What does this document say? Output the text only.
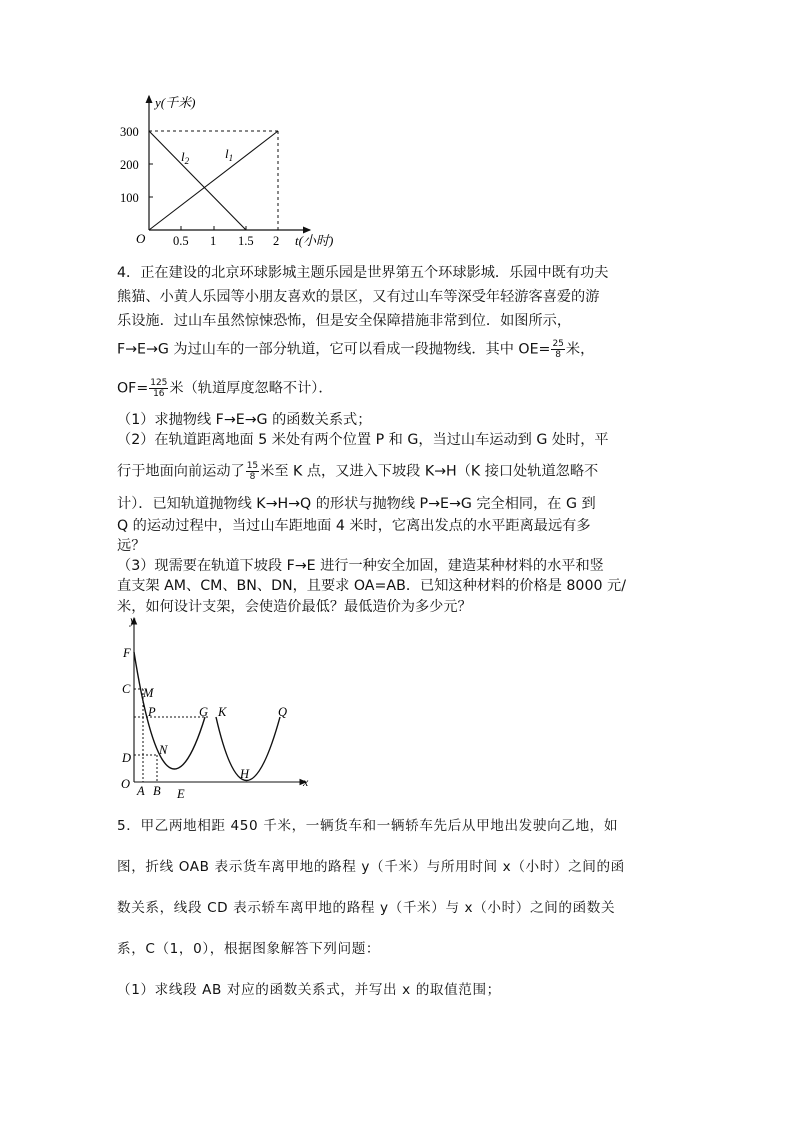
y(千米)
300
200
100
O 0.5 1 1.5 2 t(小时)
$l_2$	$l_1$
4．正在建设的北京环球影城主题乐园是世界第五个环球影城．乐园中既有功夫
熊猫、小黄人乐园等小朋友喜欢的景区，又有过山车等深受年轻游客喜爱的游
乐设施．过山车虽然惊悚恐怖，但是安全保障措施非常到位．如图所示，
F→E→G 为过山车的一部分轨道，它可以看成一段抛物线．其中 $OE= \frac{25}{8}$ 米，
$OF= \frac{125}{16}$ 米（轨道厚度忽略不计）．
（1）求抛物线 F→E→G 的函数关系式；
（2）在轨道距离地面 5 米处有两个位置 P 和 G，当过山车运动到 G 处时，平
行于地面向前运动了 $\frac{15}{8}$ 米至 K 点，又进入下坡段 K→H（K 接口处轨道忽略不
计）．已知轨道抛物线 K→H→Q 的形状与抛物线 P→E→G 完全相同，在 G 到
Q 的运动过程中，当过山车距地面 4 米时，它离出发点的水平距离最远有多
远？
（3）现需要在轨道下坡段 F→E 进行一种安全加固，建造某种材料的水平和竖
直支架 AM、CM、BN、DN，且要求 OA=AB．已知这种材料的价格是 8000 元/
米，如何设计支架，会使造价最低？最低造价为多少元？
y
F
C M
P	G K	Q
N
D
O
H
x
A B E
5．甲乙两地相距 450 千米，一辆货车和一辆轿车先后从甲地出发驶向乙地，如
图，折线 OAB 表示货车离甲地的路程 y（千米）与所用时间 x（小时）之间的函
数关系，线段 CD 表示轿车离甲地的路程 y（千米）与 x（小时）之间的函数关
系，C（1，0），根据图象解答下列问题：
（1）求线段 AB 对应的函数关系式，并写出 x 的取值范围；
